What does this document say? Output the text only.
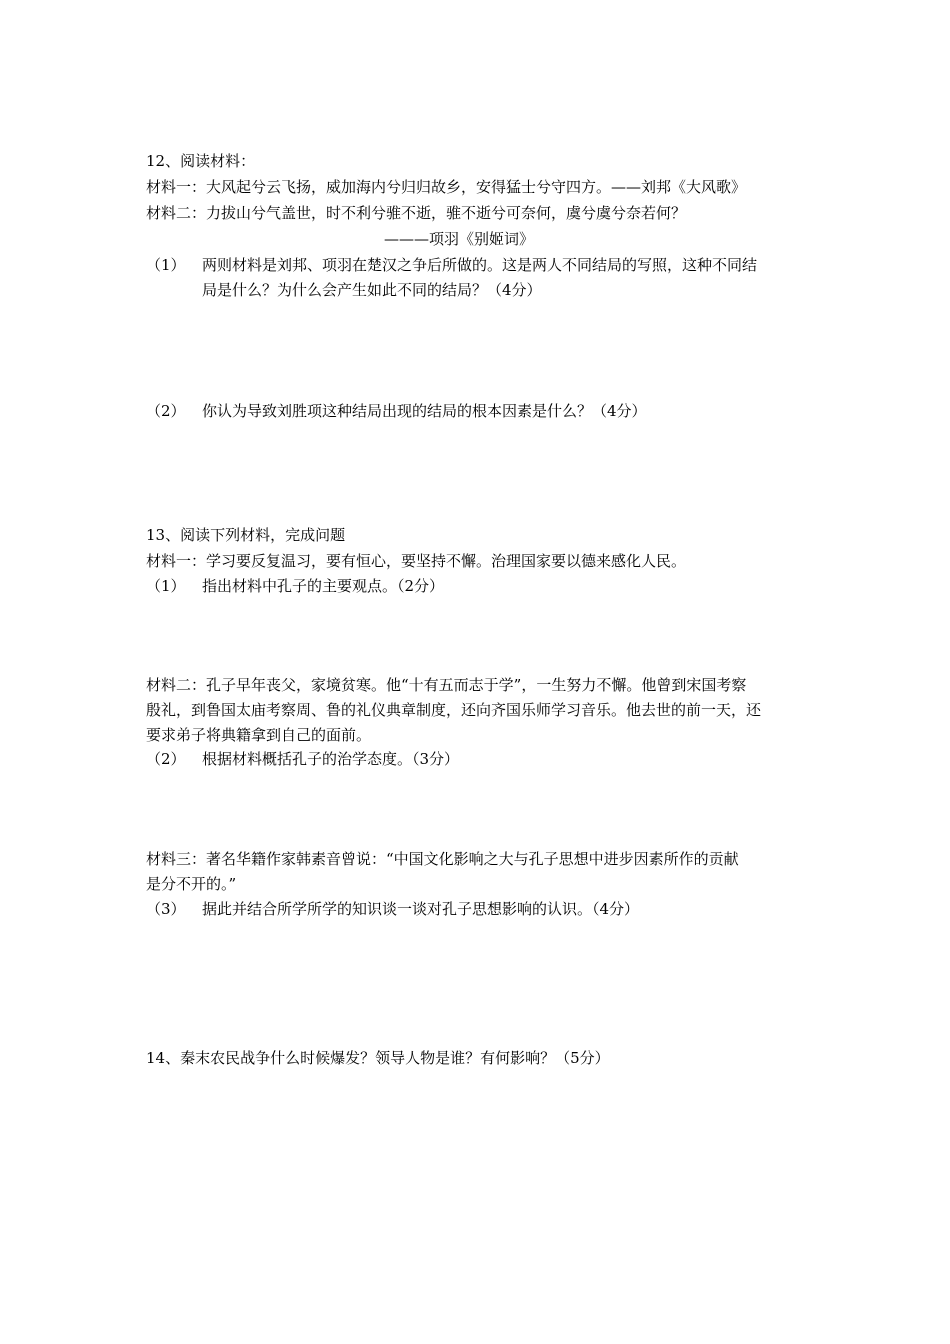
12、阅读材料：
材料一：大风起兮云飞扬，威加海内兮归归故乡，安得猛士兮守四方。——刘邦《大风歌》
材料二：力拔山兮气盖世，时不利兮骓不逝，骓不逝兮可奈何，虞兮虞兮奈若何？
———项羽《别姬词》
（1） 两则材料是刘邦、项羽在楚汉之争后所做的。这是两人不同结局的写照，这种不同结
局是什么？为什么会产生如此不同的结局？（4分）
（2） 你认为导致刘胜项这种结局出现的结局的根本因素是什么？（4分）
13、阅读下列材料，完成问题
材料一：学习要反复温习，要有恒心，要坚持不懈。治理国家要以德来感化人民。
（1） 指出材料中孔子的主要观点。（2分）
材料二：孔子早年丧父，家境贫寒。他“十有五而志于学”，一生努力不懈。他曾到宋国考察
殷礼，到鲁国太庙考察周、鲁的礼仪典章制度，还向齐国乐师学习音乐。他去世的前一天，还
要求弟子将典籍拿到自己的面前。
（2） 根据材料概括孔子的治学态度。（3分）
材料三：著名华籍作家韩素音曾说：“中国文化影响之大与孔子思想中进步因素所作的贡献
是分不开的。”
（3） 据此并结合所学所学的知识谈一谈对孔子思想影响的认识。（4分）
14、秦末农民战争什么时候爆发？领导人物是谁？有何影响？（5分）
